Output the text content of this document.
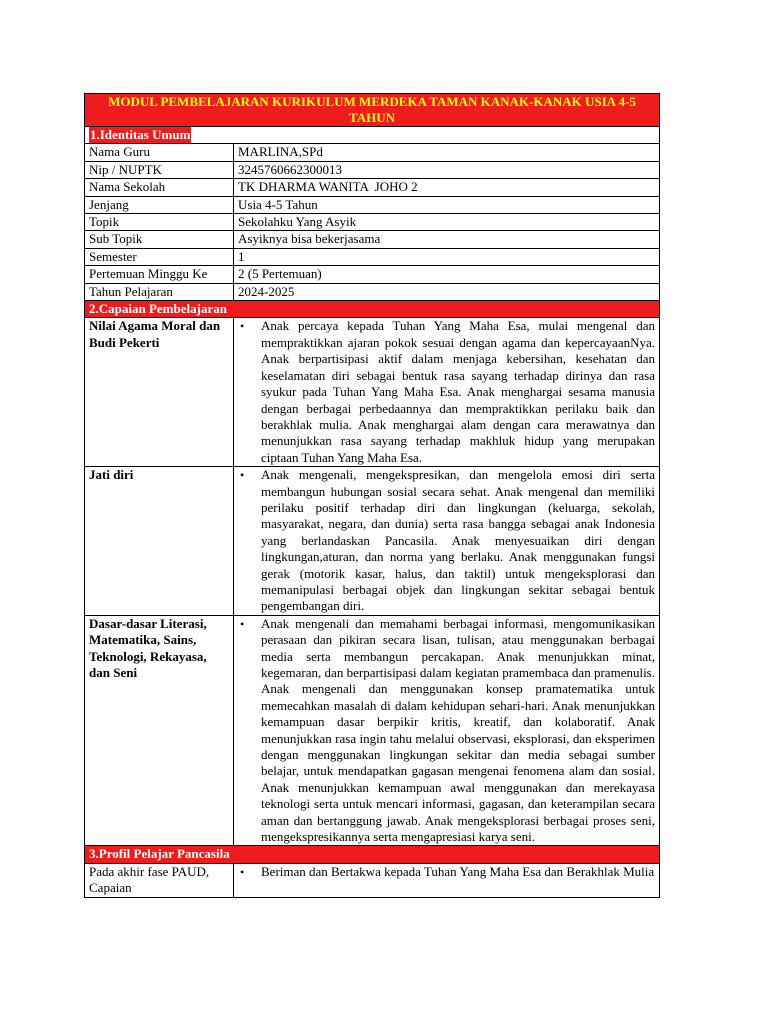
MODUL PEMBELAJARAN KURIKULUM MERDEKA TAMAN KANAK-KANAK USIA 4-5 TAHUN	
1.Identitas Umum	
Nama Guru	MARLINA,SPd
Nip / NUPTK	3245760662300013
Nama Sekolah	TK DHARMA WANITA  JOHO 2
Jenjang	Usia 4-5 Tahun
Topik	Sekolahku Yang Asyik
Sub Topik	Asyiknya bisa bekerjasama
Semester	1
Pertemuan Minggu Ke	2 (5 Pertemuan)
Tahun Pelajaran	2024-2025
2.Capaian Pembelajaran	
Nilai Agama Moral dan Budi Pekerti	• Anak percaya kepada Tuhan Yang Maha Esa, mulai mengenal dan mempraktikkan ajaran pokok sesuai dengan agama dan kepercayaanNya. Anak berpartisipasi aktif dalam menjaga kebersihan, kesehatan dan keselamatan diri sebagai bentuk rasa sayang terhadap dirinya dan rasa syukur pada Tuhan Yang Maha Esa. Anak menghargai sesama manusia dengan berbagai perbedaannya dan mempraktikkan perilaku baik dan berakhlak mulia. Anak menghargai alam dengan cara merawatnya dan menunjukkan rasa sayang terhadap makhluk hidup yang merupakan ciptaan Tuhan Yang Maha Esa.
Jati diri	• Anak mengenali, mengekspresikan, dan mengelola emosi diri serta membangun hubungan sosial secara sehat. Anak mengenal dan memiliki perilaku positif terhadap diri dan lingkungan (keluarga, sekolah, masyarakat, negara, dan dunia) serta rasa bangga sebagai anak Indonesia yang berlandaskan Pancasila. Anak menyesuaikan diri dengan lingkungan,aturan, dan norma yang berlaku. Anak menggunakan fungsi gerak (motorik kasar, halus, dan taktil) untuk mengeksplorasi dan memanipulasi berbagai objek dan lingkungan sekitar sebagai bentuk pengembangan diri.
Dasar-dasar Literasi, Matematika, Sains, Teknologi, Rekayasa, dan Seni	• Anak mengenali dan memahami berbagai informasi, mengomunikasikan perasaan dan pikiran secara lisan, tulisan, atau menggunakan berbagai media serta membangun percakapan. Anak menunjukkan minat, kegemaran, dan berpartisipasi dalam kegiatan pramembaca dan pramenulis. Anak mengenali dan menggunakan konsep pramatematika untuk memecahkan masalah di dalam kehidupan sehari-hari. Anak menunjukkan kemampuan dasar berpikir kritis, kreatif, dan kolaboratif. Anak menunjukkan rasa ingin tahu melalui observasi, eksplorasi, dan eksperimen dengan menggunakan lingkungan sekitar dan media sebagai sumber belajar, untuk mendapatkan gagasan mengenai fenomena alam dan sosial. Anak menunjukkan kemampuan awal menggunakan dan merekayasa teknologi serta untuk mencari informasi, gagasan, dan keterampilan secara aman dan bertanggung jawab. Anak mengeksplorasi berbagai proses seni, mengekspresikannya serta mengapresiasi karya seni.
3.Profil Pelajar Pancasila	
Pada akhir fase PAUD, Capaian	• Beriman dan Bertakwa kepada Tuhan Yang Maha Esa dan Berakhlak Mulia
